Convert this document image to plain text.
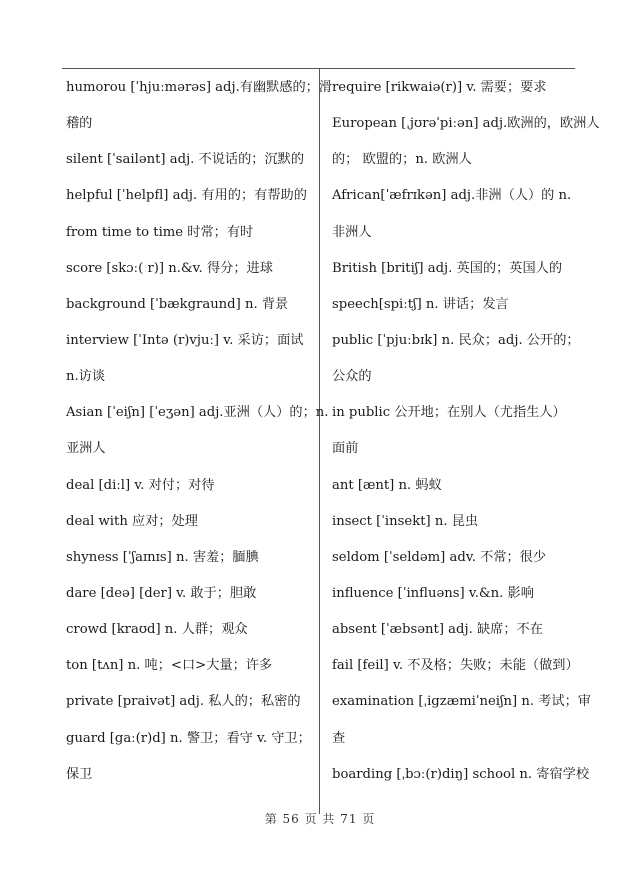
humorou [ˈhjuːmərəs] adj.有幽默感的；滑
稽的
silent [ˈsailənt] adj. 不说话的；沉默的
helpful [ˈhelpfl] adj. 有用的；有帮助的
from time to time 时常；有时
score [skɔː( r)] n.&v. 得分；进球
background [ˈbækgraund] n. 背景
interview [ˈIntə (r)vjuː] v. 采访；面试
n.访谈
Asian [ˈeiʃn] [ˈeʒən] adj.亚洲（人）的；n.
亚洲人
deal [diːl] v. 对付；对待
deal with 应对；处理
shyness [ˈʃaɪnɪs] n. 害羞；腼腆
dare [deə] [der] v. 敢于；胆敢
crowd [kraʊd] n. 人群；观众
ton [tʌn] n. 吨；<口>大量；许多
private [praivət] adj. 私人的；私密的
guard [gaː(r)d] n. 警卫；看守 v. 守卫；
保卫
require [rikwaiə(r)] v. 需要；要求
European [ˌjʊrəˈpiːən] adj.欧洲的，欧洲人
的； 欧盟的；n. 欧洲人
African[ˈæfrɪkən] adj.非洲（人）的 n.
非洲人
British [britiʃ] adj. 英国的；英国人的
speech[spiːtʃ] n. 讲话；发言
public [ˈpjuːbɪk] n. 民众；adj. 公开的；
公众的
in public 公开地；在别人（尤指生人）
面前
ant [ænt] n. 蚂蚁
insect [ˈinsekt] n. 昆虫
seldom [ˈseldəm] adv. 不常；很少
influence [ˈinfluəns] v.&n. 影响
absent [ˈæbsənt] adj. 缺席；不在
fail [feil] v. 不及格；失败；未能（做到）
examination [ˌigzæmiˈneiʃn] n. 考试；审
查
boarding [ˌbɔː(r)diŋ] school n. 寄宿学校
第 56 页 共 71 页
